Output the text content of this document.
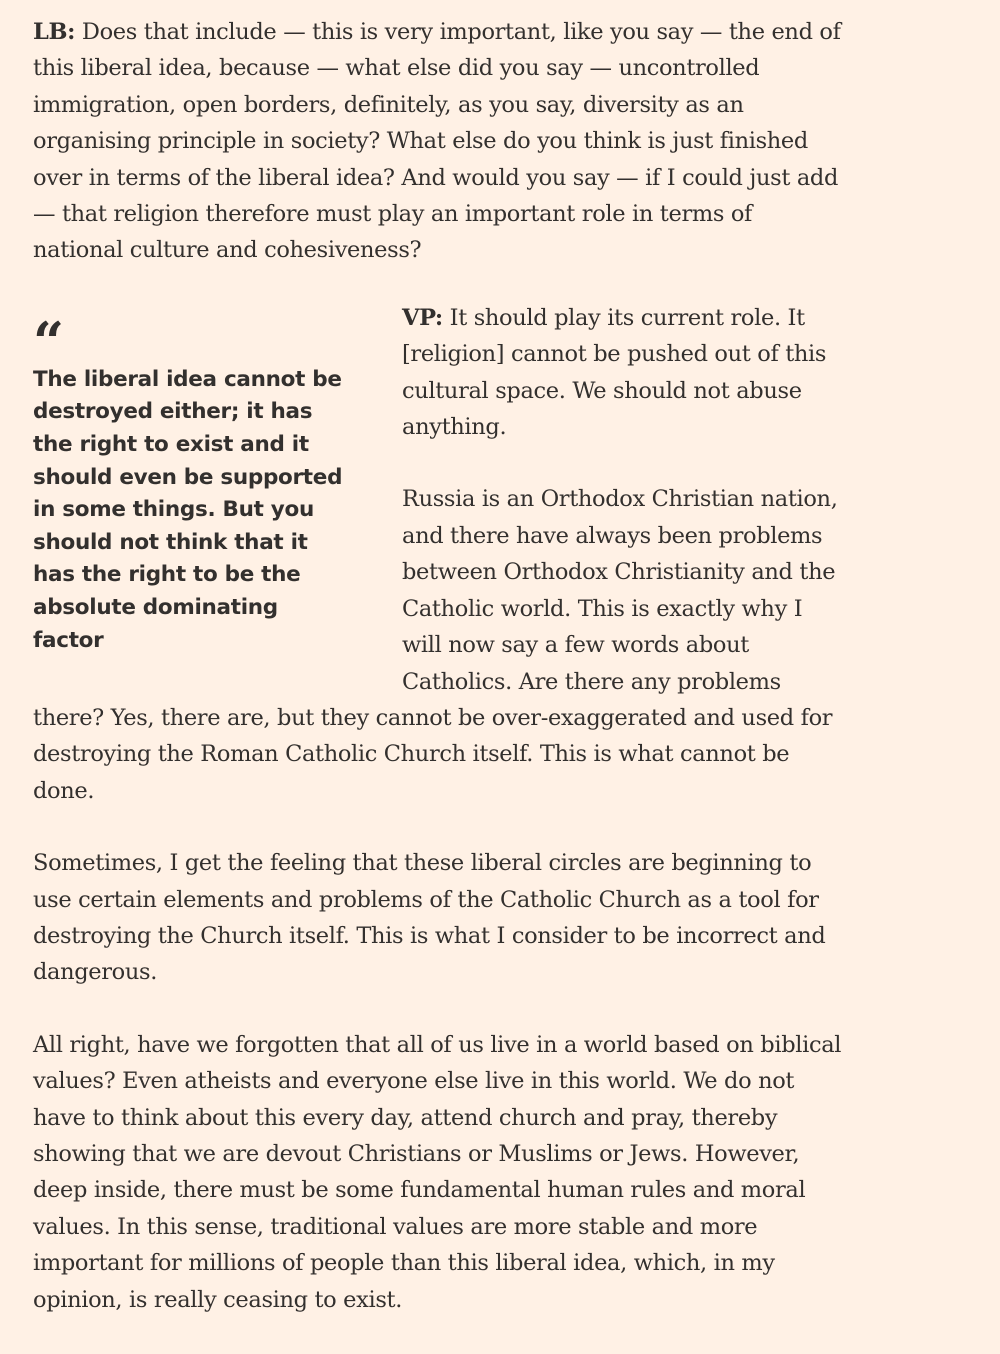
LB: Does that include — this is very important, like you say — the end of this liberal idea, because — what else did you say — uncontrolled immigration, open borders, definitely, as you say, diversity as an organising principle in society? What else do you think is just finished over in terms of the liberal idea? And would you say — if I could just add — that religion therefore must play an important role in terms of national culture and cohesiveness?

“
The liberal idea cannot be destroyed either; it has the right to exist and it should even be supported in some things. But you should not think that it has the right to be the absolute dominating factor

VP: It should play its current role. It [religion] cannot be pushed out of this cultural space. We should not abuse anything.

Russia is an Orthodox Christian nation, and there have always been problems between Orthodox Christianity and the Catholic world. This is exactly why I will now say a few words about Catholics. Are there any problems there? Yes, there are, but they cannot be over-exaggerated and used for destroying the Roman Catholic Church itself. This is what cannot be done.

Sometimes, I get the feeling that these liberal circles are beginning to use certain elements and problems of the Catholic Church as a tool for destroying the Church itself. This is what I consider to be incorrect and dangerous.

All right, have we forgotten that all of us live in a world based on biblical values? Even atheists and everyone else live in this world. We do not have to think about this every day, attend church and pray, thereby showing that we are devout Christians or Muslims or Jews. However, deep inside, there must be some fundamental human rules and moral values. In this sense, traditional values are more stable and more important for millions of people than this liberal idea, which, in my opinion, is really ceasing to exist.
